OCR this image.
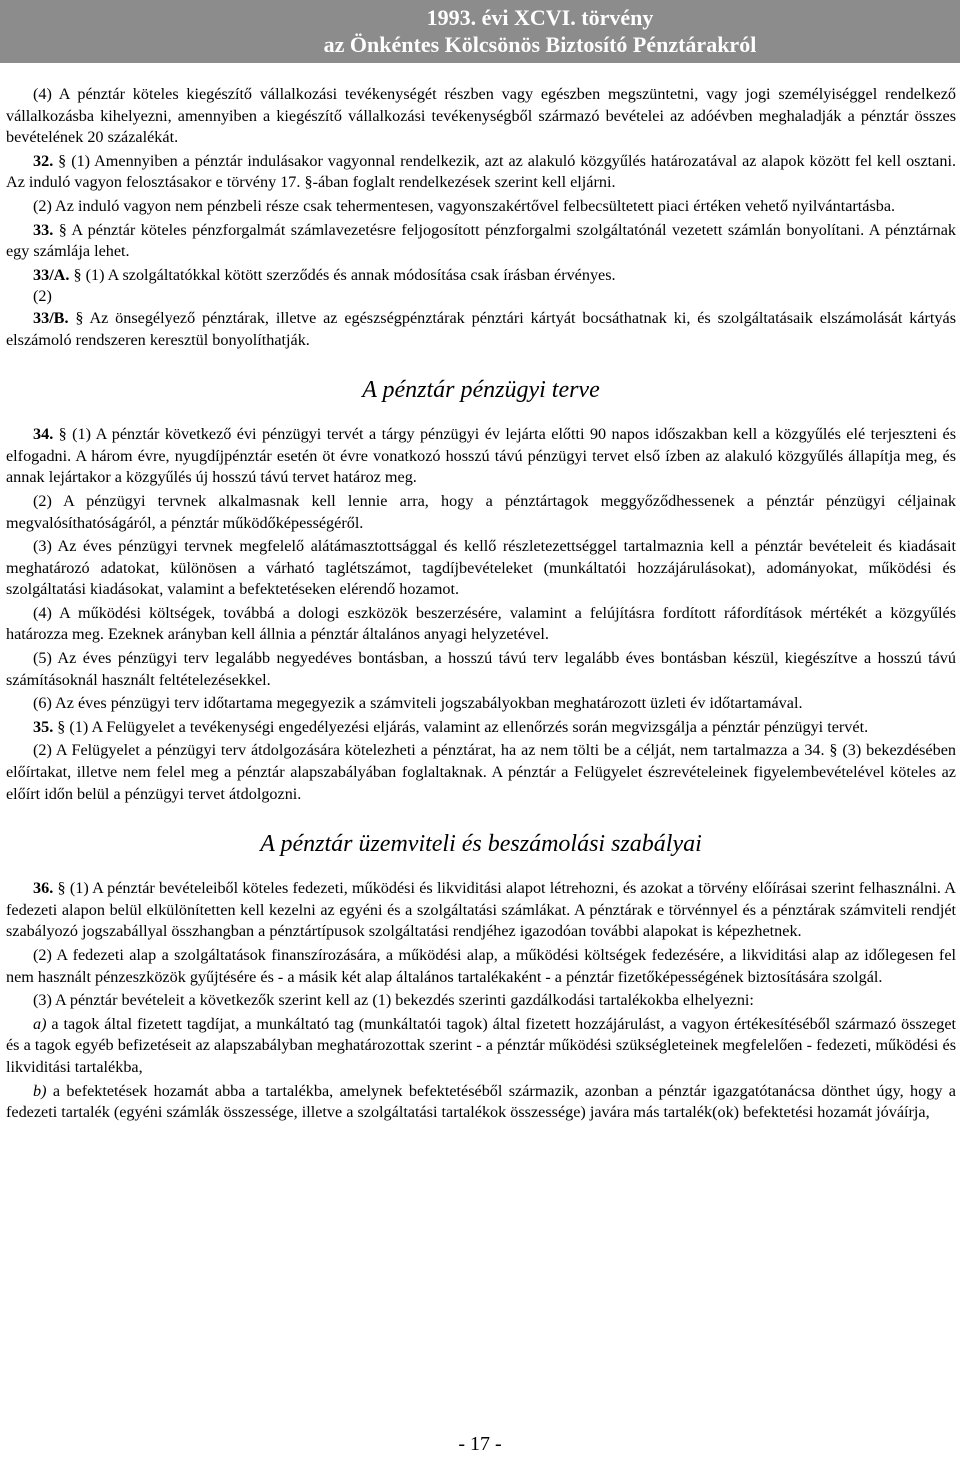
1993. évi XCVI. törvény
az Önkéntes Kölcsönös Biztosító Pénztárakról

(4) A pénztár köteles kiegészítő vállalkozási tevékenységét részben vagy egészben megszüntetni, vagy jogi személyiséggel rendelkező vállalkozásba kihelyezni, amennyiben a kiegészítő vállalkozási tevékenységből származó bevételei az adóévben meghaladják a pénztár összes bevételének 20 százalékát.

32. § (1) Amennyiben a pénztár indulásakor vagyonnal rendelkezik, azt az alakuló közgyűlés határozatával az alapok között fel kell osztani. Az induló vagyon felosztásakor e törvény 17. §-ában foglalt rendelkezések szerint kell eljárni.

(2) Az induló vagyon nem pénzbeli része csak tehermentesen, vagyonszakértővel felbecsültetett piaci értéken vehető nyilvántartásba.

33. § A pénztár köteles pénzforgalmát számlavezetésre feljogosított pénzforgalmi szolgáltatónál vezetett számlán bonyolítani. A pénztárnak egy számlája lehet.

33/A. § (1) A szolgáltatókkal kötött szerződés és annak módosítása csak írásban érvényes.

(2)

33/B. § Az önsegélyező pénztárak, illetve az egészségpénztárak pénztári kártyát bocsáthatnak ki, és szolgáltatásaik elszámolását kártyás elszámoló rendszeren keresztül bonyolíthatják.

A pénztár pénzügyi terve

34. § (1) A pénztár következő évi pénzügyi tervét a tárgy pénzügyi év lejárta előtti 90 napos időszakban kell a közgyűlés elé terjeszteni és elfogadni. A három évre, nyugdíjpénztár esetén öt évre vonatkozó hosszú távú pénzügyi tervet első ízben az alakuló közgyűlés állapítja meg, és annak lejártakor a közgyűlés új hosszú távú tervet határoz meg.

(2) A pénzügyi tervnek alkalmasnak kell lennie arra, hogy a pénztártagok meggyőződhessenek a pénztár pénzügyi céljainak megvalósíthatóságáról, a pénztár működőképességéről.

(3) Az éves pénzügyi tervnek megfelelő alátámasztottsággal és kellő részletezettséggel tartalmaznia kell a pénztár bevételeit és kiadásait meghatározó adatokat, különösen a várható taglétszámot, tagdíjbevételeket (munkáltatói hozzájárulásokat), adományokat, működési és szolgáltatási kiadásokat, valamint a befektetéseken elérendő hozamot.

(4) A működési költségek, továbbá a dologi eszközök beszerzésére, valamint a felújításra fordított ráfordítások mértékét a közgyűlés határozza meg. Ezeknek arányban kell állnia a pénztár általános anyagi helyzetével.

(5) Az éves pénzügyi terv legalább negyedéves bontásban, a hosszú távú terv legalább éves bontásban készül, kiegészítve a hosszú távú számításoknál használt feltételezésekkel.

(6) Az éves pénzügyi terv időtartama megegyezik a számviteli jogszabályokban meghatározott üzleti év időtartamával.

35. § (1) A Felügyelet a tevékenységi engedélyezési eljárás, valamint az ellenőrzés során megvizsgálja a pénztár pénzügyi tervét.

(2) A Felügyelet a pénzügyi terv átdolgozására kötelezheti a pénztárat, ha az nem tölti be a célját, nem tartalmazza a 34. § (3) bekezdésében előírtakat, illetve nem felel meg a pénztár alapszabályában foglaltaknak. A pénztár a Felügyelet észrevételeinek figyelembevételével köteles az előírt időn belül a pénzügyi tervet átdolgozni.

A pénztár üzemviteli és beszámolási szabályai

36. § (1) A pénztár bevételeiből köteles fedezeti, működési és likviditási alapot létrehozni, és azokat a törvény előírásai szerint felhasználni. A fedezeti alapon belül elkülönítetten kell kezelni az egyéni és a szolgáltatási számlákat. A pénztárak e törvénnyel és a pénztárak számviteli rendjét szabályozó jogszabállyal összhangban a pénztártípusok szolgáltatási rendjéhez igazodóan további alapokat is képezhetnek.

(2) A fedezeti alap a szolgáltatások finanszírozására, a működési alap, a működési költségek fedezésére, a likviditási alap az időlegesen fel nem használt pénzeszközök gyűjtésére és - a másik két alap általános tartalékaként - a pénztár fizetőképességének biztosítására szolgál.

(3) A pénztár bevételeit a következők szerint kell az (1) bekezdés szerinti gazdálkodási tartalékokba elhelyezni:

a) a tagok által fizetett tagdíjat, a munkáltató tag (munkáltatói tagok) által fizetett hozzájárulást, a vagyon értékesítéséből származó összeget és a tagok egyéb befizetéseit az alapszabályban meghatározottak szerint - a pénztár működési szükségleteinek megfelelően - fedezeti, működési és likviditási tartalékba,

b) a befektetések hozamát abba a tartalékba, amelynek befektetéséből származik, azonban a pénztár igazgatótanácsa dönthet úgy, hogy a fedezeti tartalék (egyéni számlák összessége, illetve a szolgáltatási tartalékok összessége) javára más tartalék(ok) befektetési hozamát jóváírja,

- 17 -
